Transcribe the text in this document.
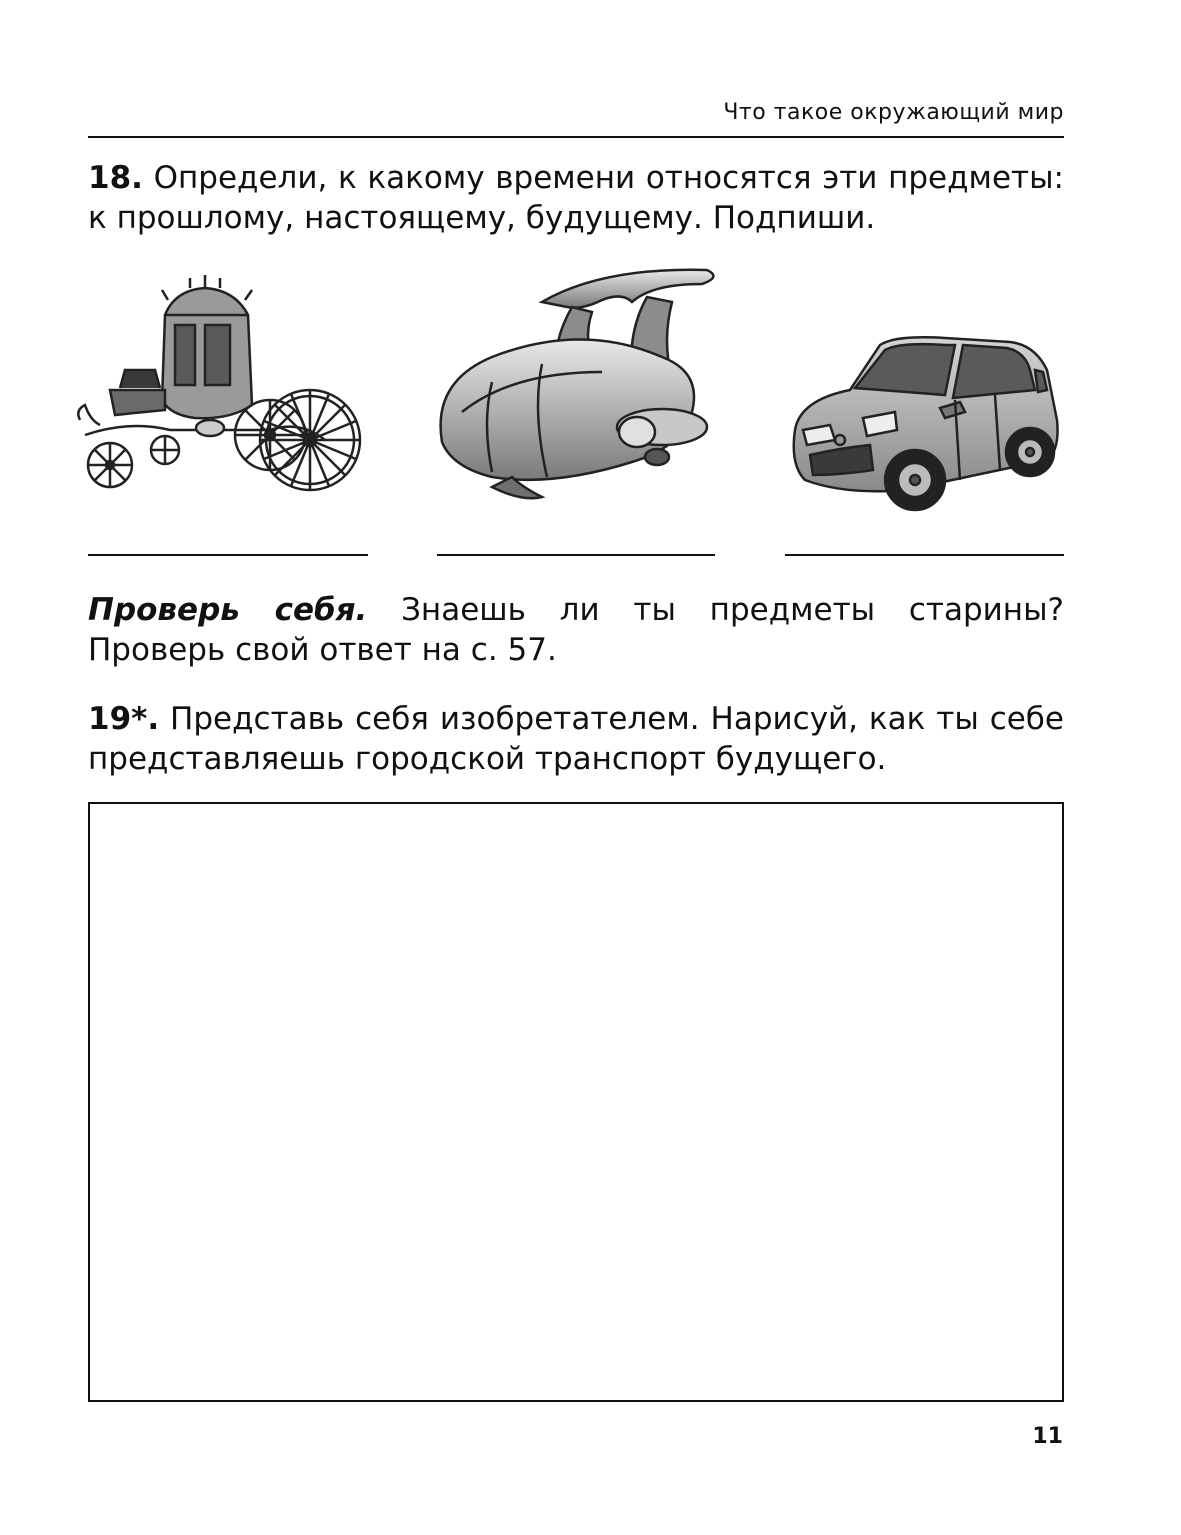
Что такое окружающий мир
18. Определи, к какому времени относятся эти предметы: к прошлому, настоящему, будущему. Подпиши.
Проверь себя. Знаешь ли ты предметы старины? Проверь свой ответ на с. 57.
19*. Представь себя изобретателем. Нарисуй, как ты себе представляешь городской транспорт будущего.
11
